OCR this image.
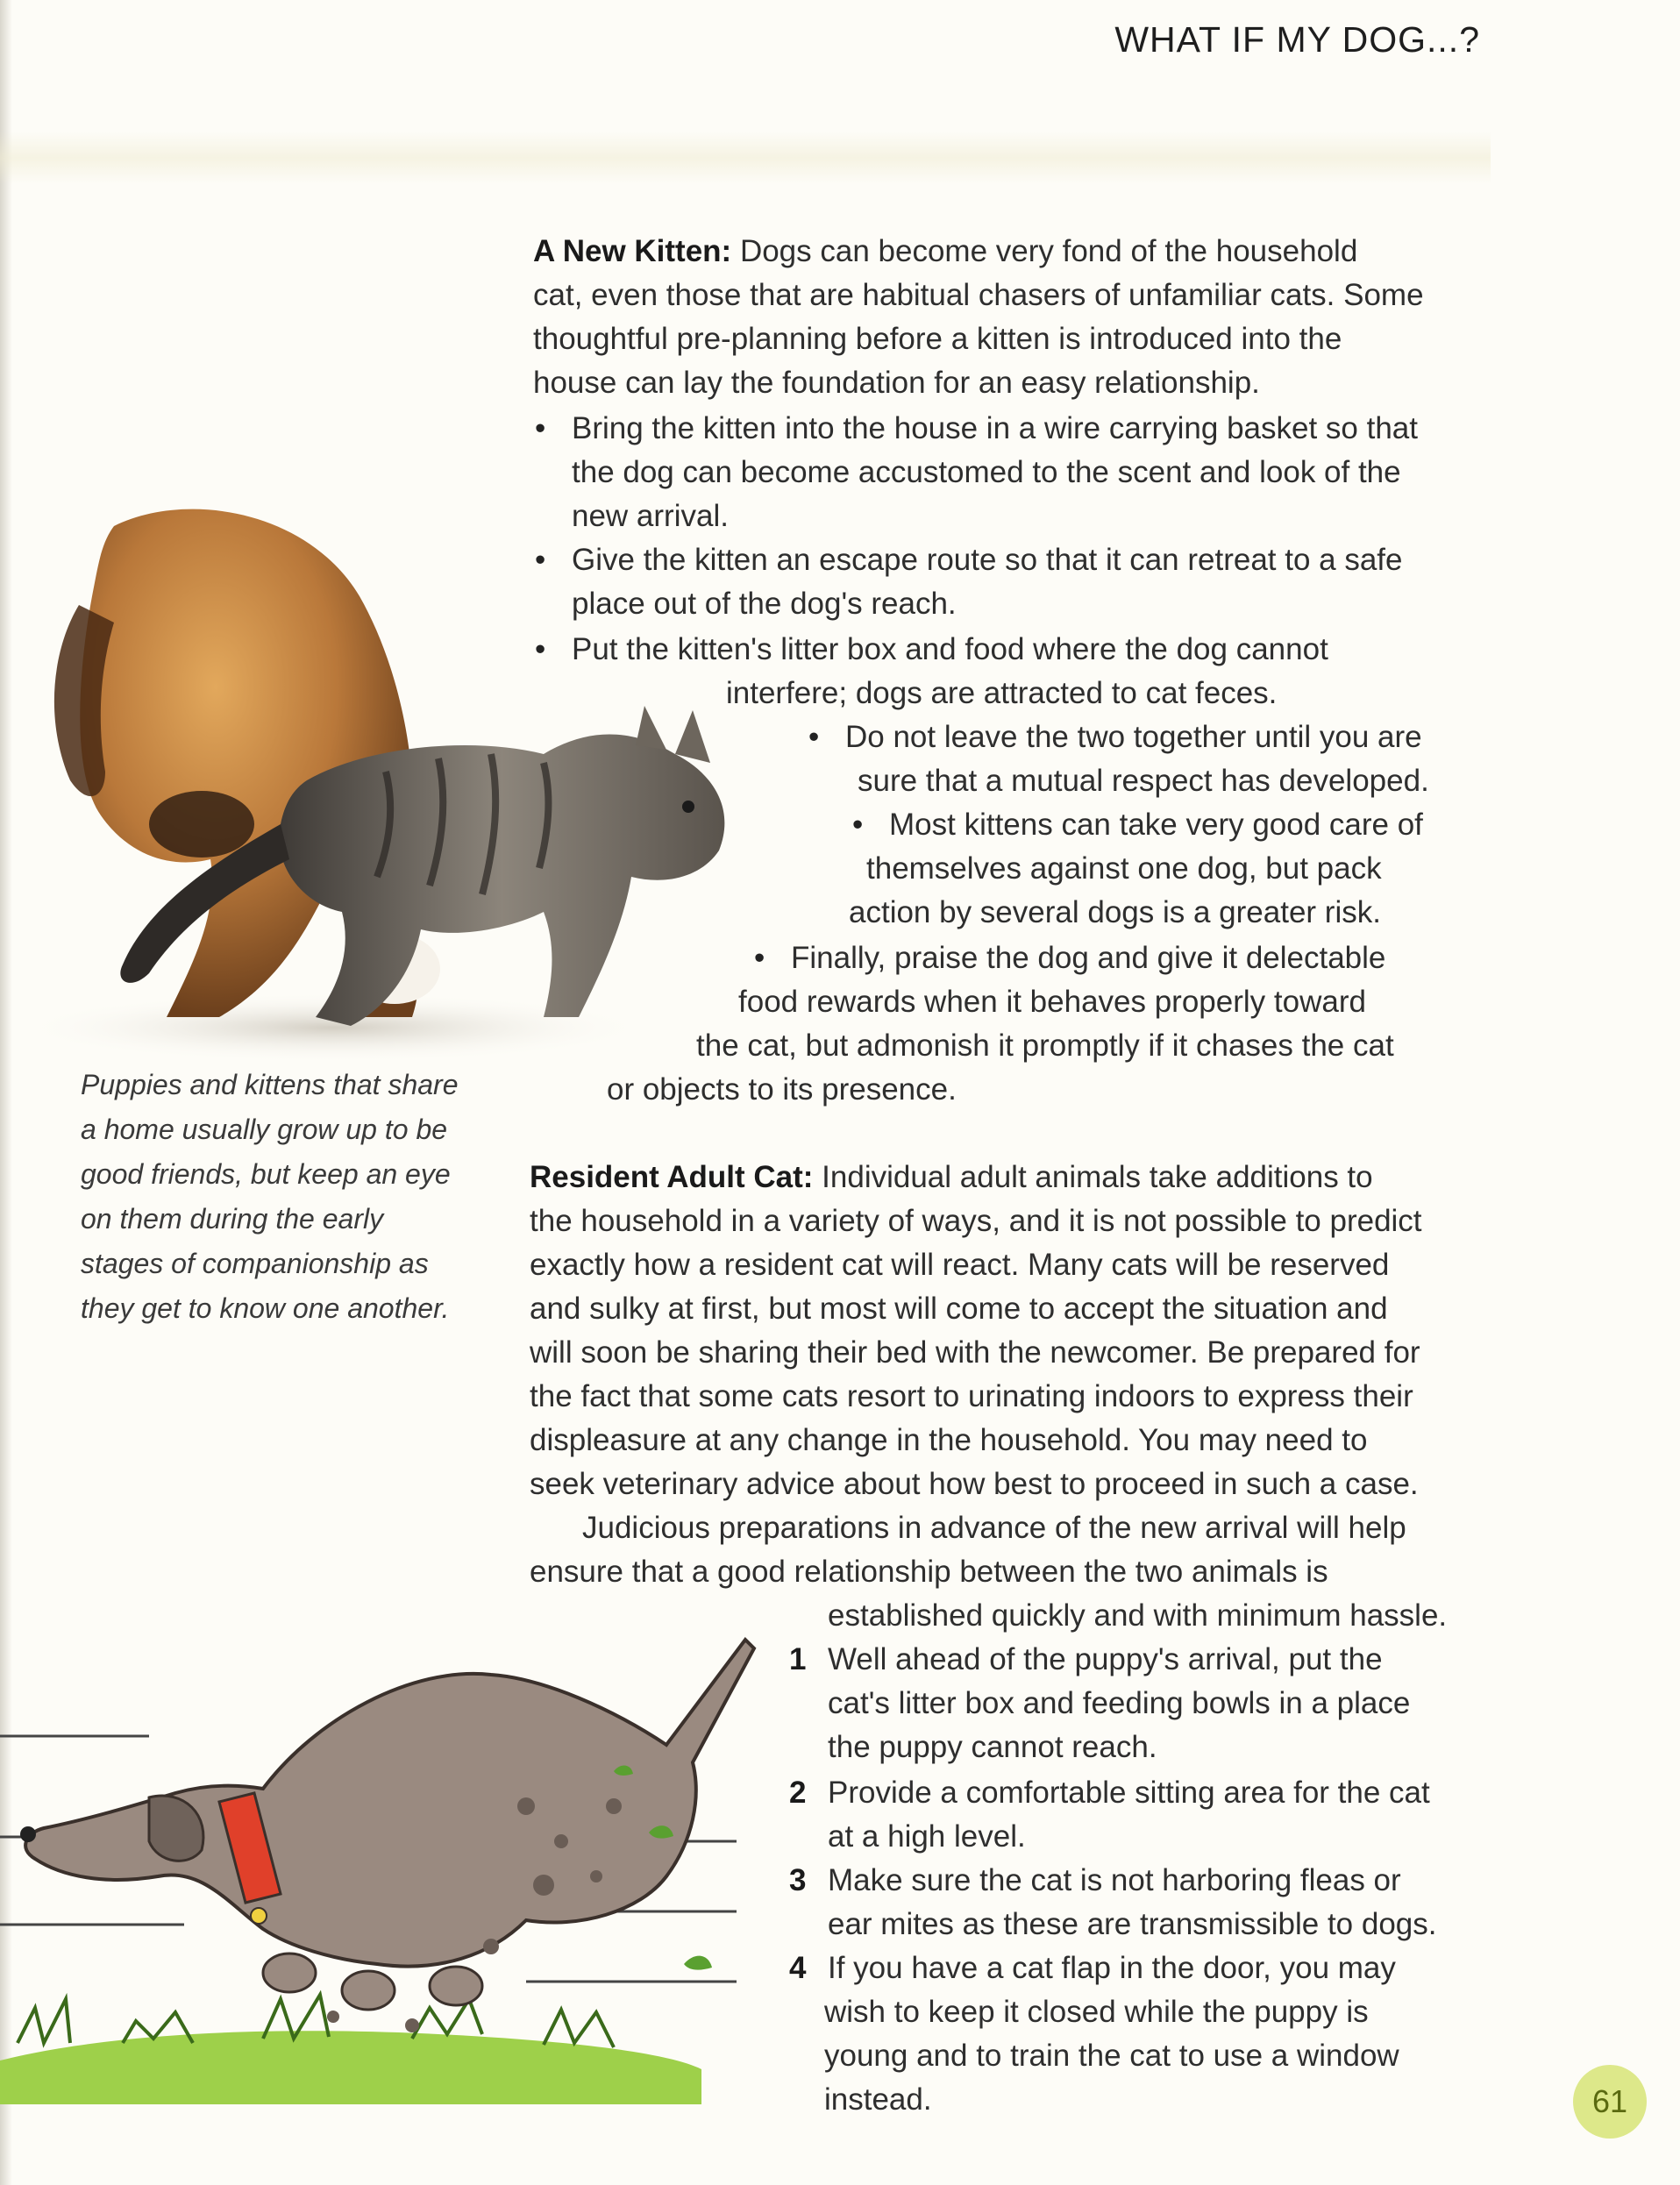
WHAT IF MY DOG...?
A New Kitten: Dogs can become very fond of the household
cat, even those that are habitual chasers of unfamiliar cats. Some
thoughtful pre-planning before a kitten is introduced into the
house can lay the foundation for an easy relationship.
• Bring the kitten into the house in a wire carrying basket so that
the dog can become accustomed to the scent and look of the
new arrival.
• Give the kitten an escape route so that it can retreat to a safe
place out of the dog's reach.
• Put the kitten's litter box and food where the dog cannot
interfere; dogs are attracted to cat feces.
• Do not leave the two together until you are
sure that a mutual respect has developed.
• Most kittens can take very good care of
themselves against one dog, but pack
action by several dogs is a greater risk.
• Finally, praise the dog and give it delectable
food rewards when it behaves properly toward
the cat, but admonish it promptly if it chases the cat
or objects to its presence.
Puppies and kittens that share
a home usually grow up to be
good friends, but keep an eye
on them during the early
stages of companionship as
they get to know one another.
Resident Adult Cat: Individual adult animals take additions to
the household in a variety of ways, and it is not possible to predict
exactly how a resident cat will react. Many cats will be reserved
and sulky at first, but most will come to accept the situation and
will soon be sharing their bed with the newcomer. Be prepared for
the fact that some cats resort to urinating indoors to express their
displeasure at any change in the household. You may need to
seek veterinary advice about how best to proceed in such a case.
Judicious preparations in advance of the new arrival will help
ensure that a good relationship between the two animals is
established quickly and with minimum hassle.
1 Well ahead of the puppy's arrival, put the
cat's litter box and feeding bowls in a place
the puppy cannot reach.
2 Provide a comfortable sitting area for the cat
at a high level.
3 Make sure the cat is not harboring fleas or
ear mites as these are transmissible to dogs.
4 If you have a cat flap in the door, you may
wish to keep it closed while the puppy is
young and to train the cat to use a window
instead.	61
